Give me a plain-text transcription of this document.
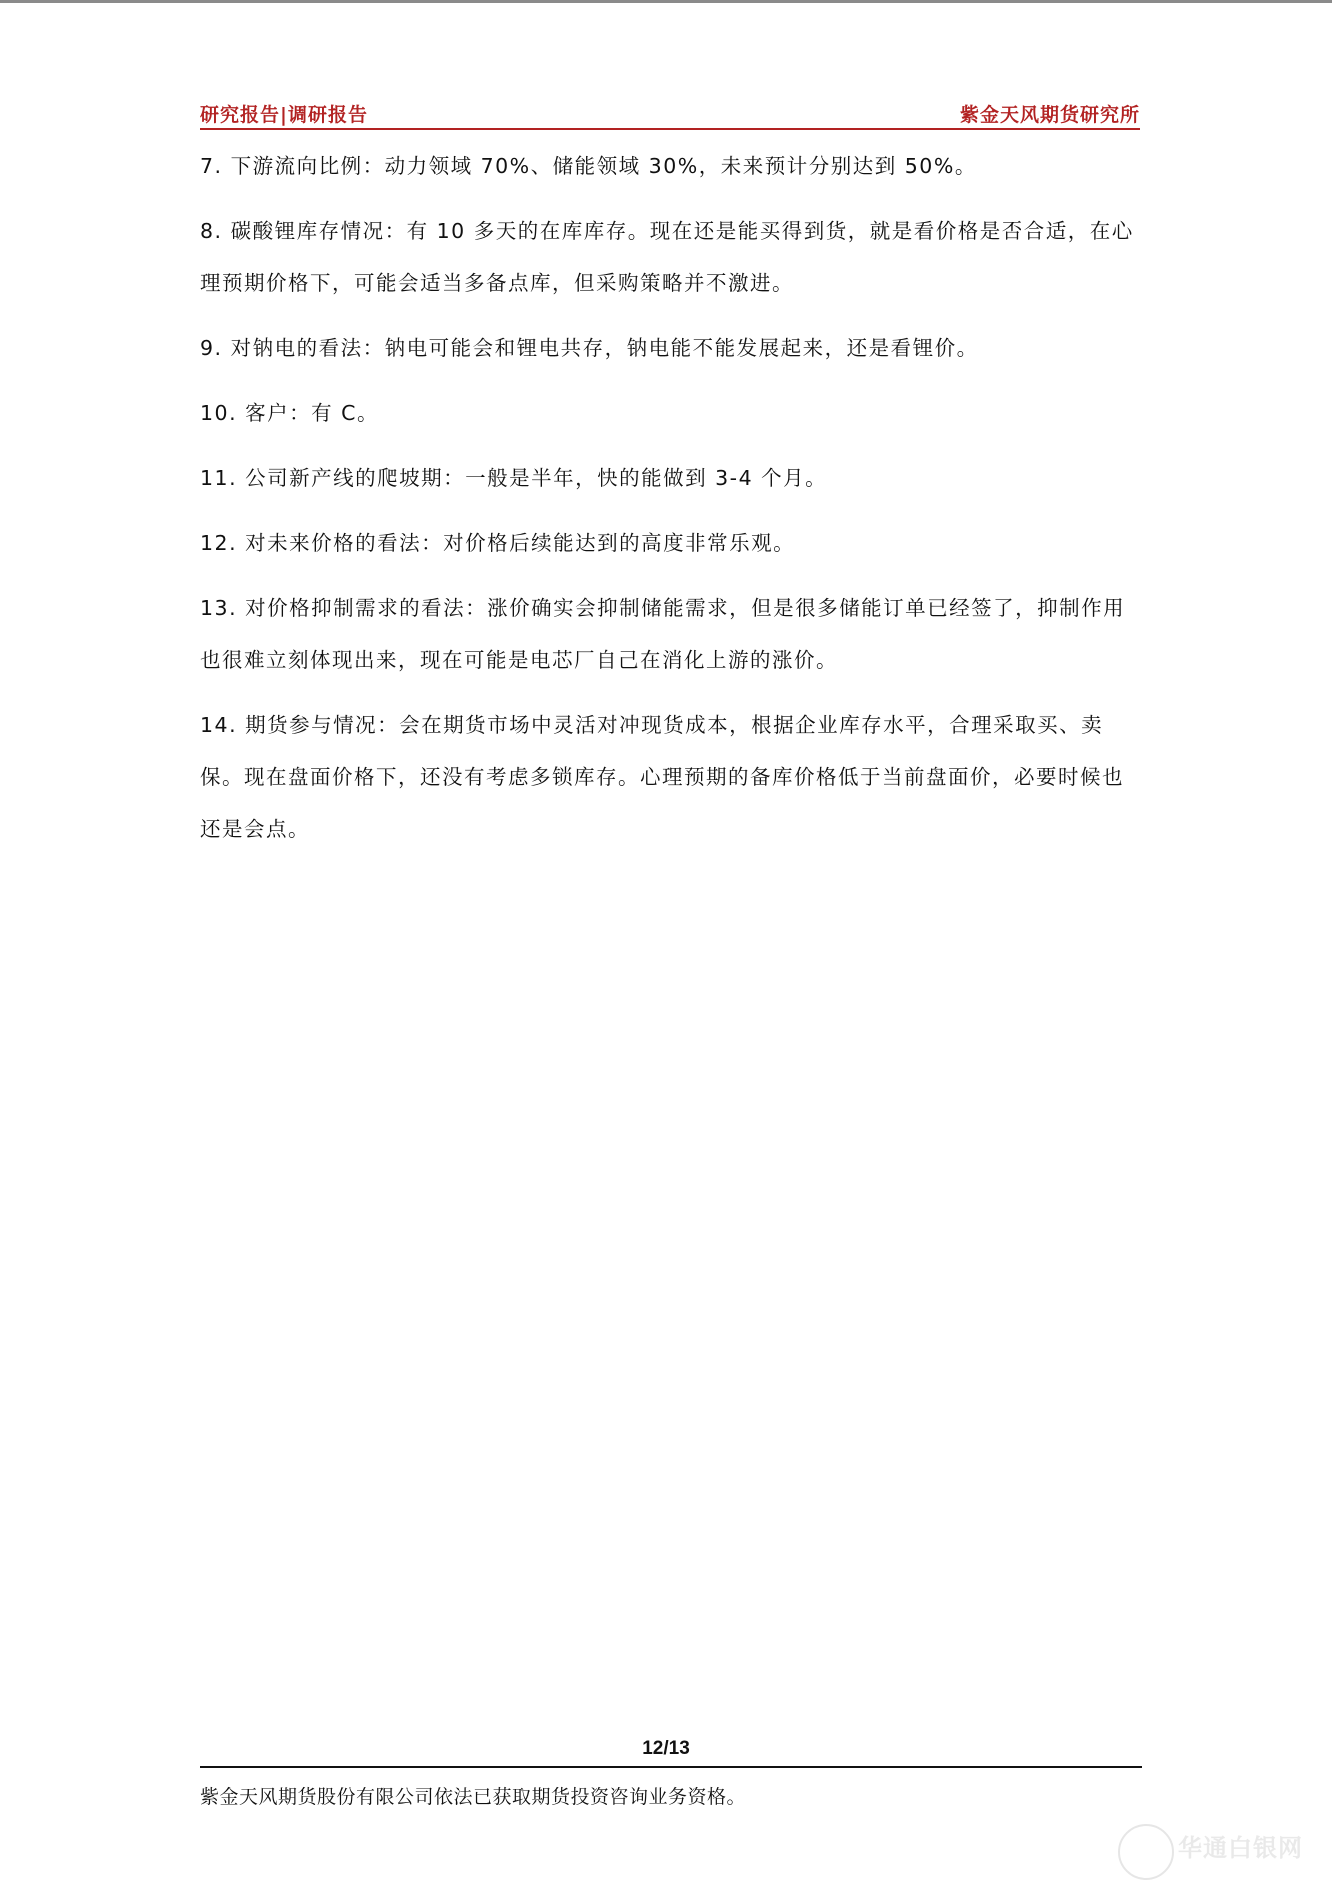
研究报告|调研报告	紫金天风期货研究所

7. 下游流向比例：动力领域 70%、储能领域 30%，未来预计分别达到 50%。

8. 碳酸锂库存情况：有 10 多天的在库库存。现在还是能买得到货，就是看价格是否合适，在心理预期价格下，可能会适当多备点库，但采购策略并不激进。

9. 对钠电的看法：钠电可能会和锂电共存，钠电能不能发展起来，还是看锂价。

10. 客户：有 C。

11. 公司新产线的爬坡期：一般是半年，快的能做到 3-4 个月。

12. 对未来价格的看法：对价格后续能达到的高度非常乐观。

13. 对价格抑制需求的看法：涨价确实会抑制储能需求，但是很多储能订单已经签了，抑制作用也很难立刻体现出来，现在可能是电芯厂自己在消化上游的涨价。

14. 期货参与情况：会在期货市场中灵活对冲现货成本，根据企业库存水平，合理采取买、卖保。现在盘面价格下，还没有考虑多锁库存。心理预期的备库价格低于当前盘面价，必要时候也还是会点。

12/13
紫金天风期货股份有限公司依法已获取期货投资咨询业务资格。
华通白银网
